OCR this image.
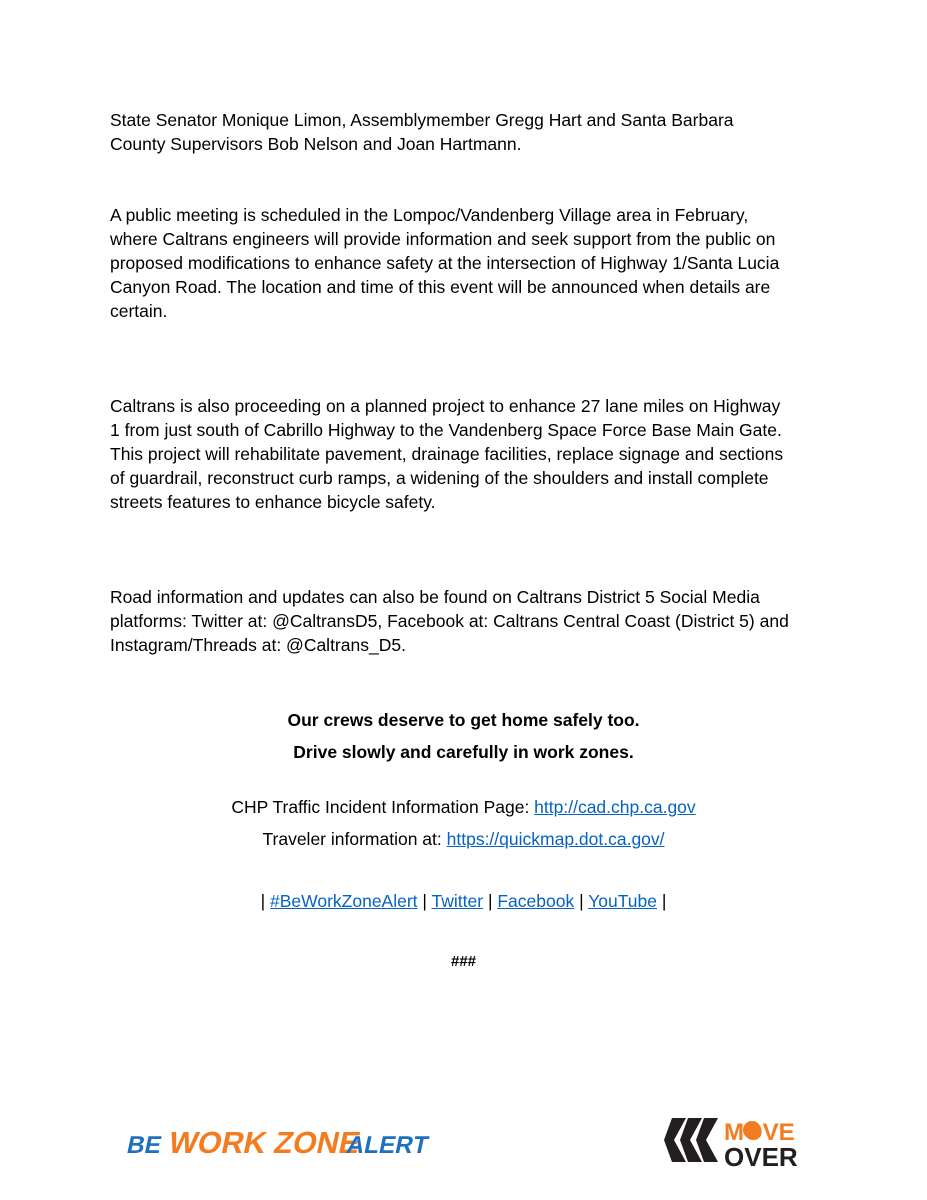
State Senator Monique Limon, Assemblymember Gregg Hart and Santa Barbara
County Supervisors Bob Nelson and Joan Hartmann.
A public meeting is scheduled in the Lompoc/Vandenberg Village area in February,
where Caltrans engineers will provide information and seek support from the public on
proposed modifications to enhance safety at the intersection of Highway 1/Santa Lucia
Canyon Road. The location and time of this event will be announced when details are
certain.
Caltrans is also proceeding on a planned project to enhance 27 lane miles on Highway
1 from just south of Cabrillo Highway to the Vandenberg Space Force Base Main Gate.
This project will rehabilitate pavement, drainage facilities, replace signage and sections
of guardrail, reconstruct curb ramps, a widening of the shoulders and install complete
streets features to enhance bicycle safety.
Road information and updates can also be found on Caltrans District 5 Social Media
platforms: Twitter at: @CaltransD5, Facebook at: Caltrans Central Coast (District 5) and
Instagram/Threads at: @Caltrans_D5.

Our crews deserve to get home safely too.

Drive slowly and carefully in work zones.

CHP Traffic Incident Information Page: http://cad.chp.ca.gov

Traveler information at: https://quickmap.dot.ca.gov/

| #BeWorkZoneAlert | Twitter | Facebook | YouTube |

###

BE WORK ZONE
ALERT	MOVE
OVER
